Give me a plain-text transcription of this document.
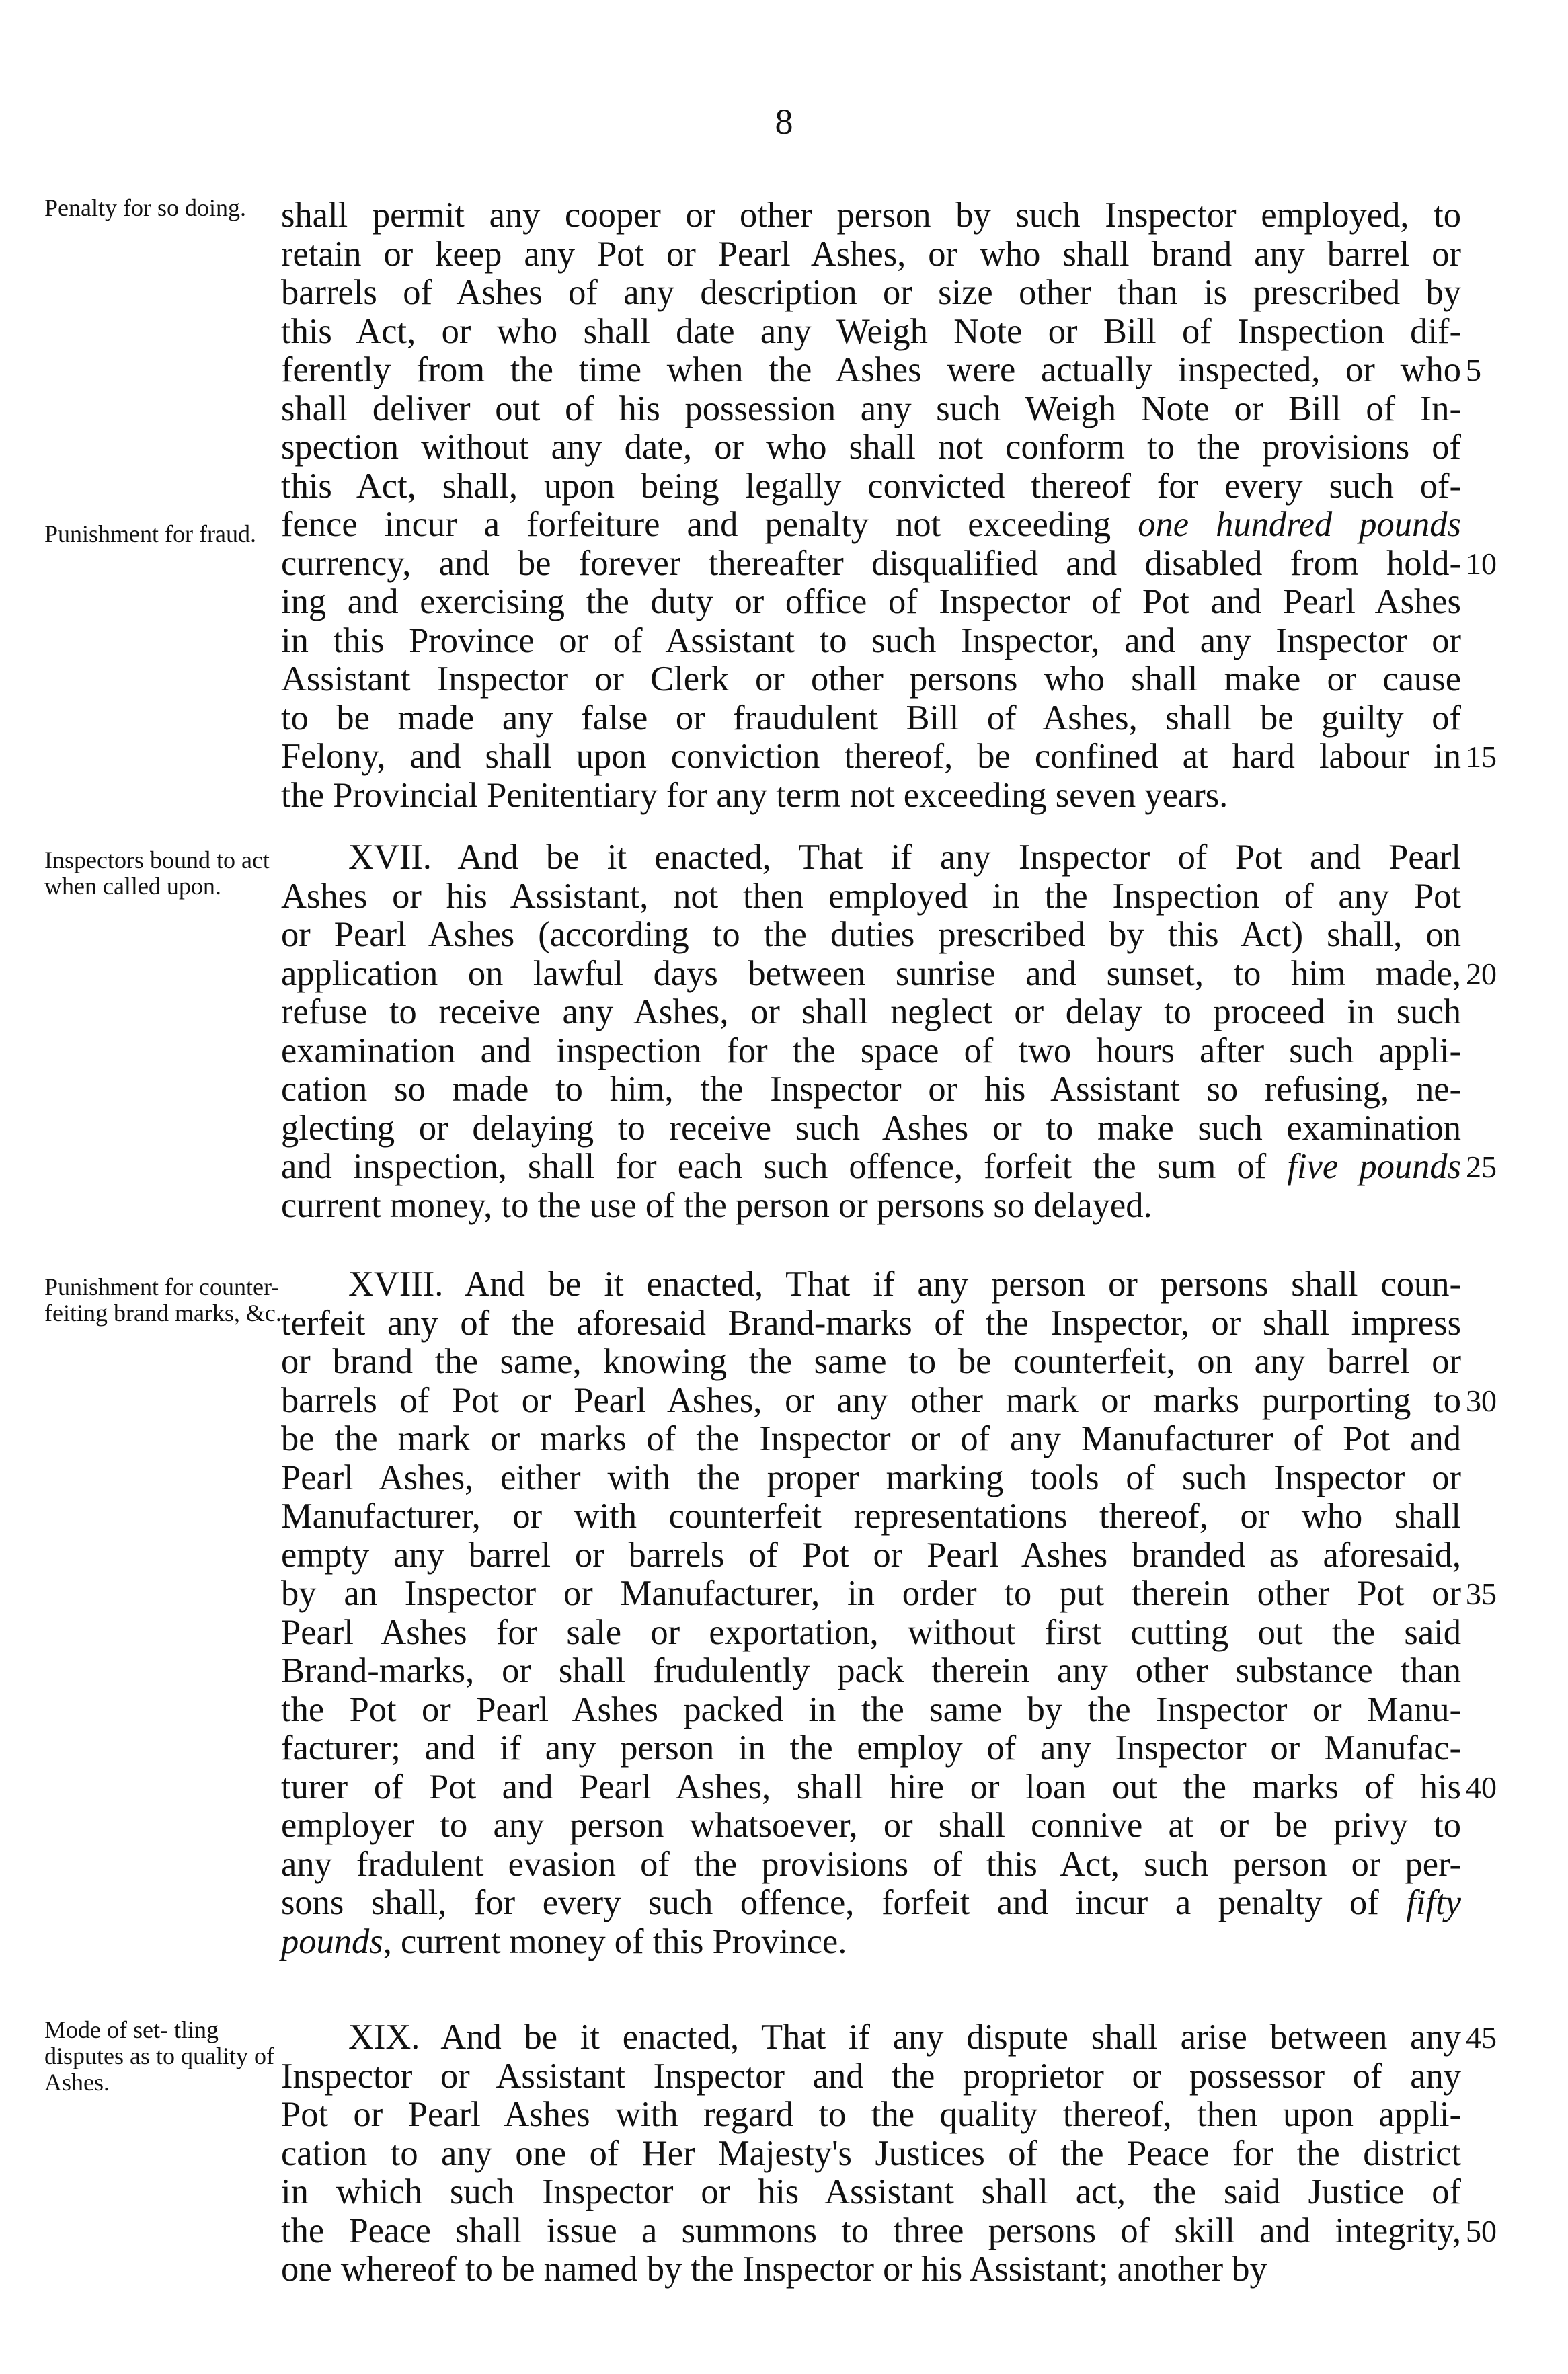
8
Penalty for so doing.
Punishment for fraud.
shall permit any cooper or other person by such Inspector employed, to
retain or keep any Pot or Pearl Ashes, or who shall brand any barrel or
barrels of Ashes of any description or size other than is prescribed by
this Act, or who shall date any Weigh Note or Bill of Inspection dif-
ferently from the time when the Ashes were actually inspected, or who 5
shall deliver out of his possession any such Weigh Note or Bill of In-
spection without any date, or who shall not conform to the provisions of
this Act, shall, upon being legally convicted thereof for every such of-
fence incur a forfeiture and penalty not exceeding one hundred pounds
currency, and be forever thereafter disqualified and disabled from hold- 10
ing and exercising the duty or office of Inspector of Pot and Pearl Ashes
in this Province or of Assistant to such Inspector, and any Inspector or
Assistant Inspector or Clerk or other persons who shall make or cause
to be made any false or fraudulent Bill of Ashes, shall be guilty of
Felony, and shall upon conviction thereof, be confined at hard labour in 15
the Provincial Penitentiary for any term not exceeding seven years.
Inspectors bound to act when called upon.
XVII. And be it enacted, That if any Inspector of Pot and Pearl
Ashes or his Assistant, not then employed in the Inspection of any Pot
or Pearl Ashes (according to the duties prescribed by this Act) shall, on
application on lawful days between sunrise and sunset, to him made, 20
refuse to receive any Ashes, or shall neglect or delay to proceed in such
examination and inspection for the space of two hours after such appli-
cation so made to him, the Inspector or his Assistant so refusing, ne-
glecting or delaying to receive such Ashes or to make such examination
and inspection, shall for each such offence, forfeit the sum of five pounds 25
current money, to the use of the person or persons so delayed.
Punishment for counter- feiting brand marks, &c.
XVIII. And be it enacted, That if any person or persons shall coun-
terfeit any of the aforesaid Brand-marks of the Inspector, or shall impress
or brand the same, knowing the same to be counterfeit, on any barrel or
barrels of Pot or Pearl Ashes, or any other mark or marks purporting to 30
be the mark or marks of the Inspector or of any Manufacturer of Pot and
Pearl Ashes, either with the proper marking tools of such Inspector or
Manufacturer, or with counterfeit representations thereof, or who shall
empty any barrel or barrels of Pot or Pearl Ashes branded as aforesaid,
by an Inspector or Manufacturer, in order to put therein other Pot or 35
Pearl Ashes for sale or exportation, without first cutting out the said
Brand-marks, or shall frudulently pack therein any other substance than
the Pot or Pearl Ashes packed in the same by the Inspector or Manu-
facturer; and if any person in the employ of any Inspector or Manufac-
turer of Pot and Pearl Ashes, shall hire or loan out the marks of his 40
employer to any person whatsoever, or shall connive at or be privy to
any fradulent evasion of the provisions of this Act, such person or per-
sons shall, for every such offence, forfeit and incur a penalty of fifty
pounds, current money of this Province.
Mode of set- tling disputes as to quality of Ashes.
XIX. And be it enacted, That if any dispute shall arise between any 45
Inspector or Assistant Inspector and the proprietor or possessor of any
Pot or Pearl Ashes with regard to the quality thereof, then upon appli-
cation to any one of Her Majesty's Justices of the Peace for the district
in which such Inspector or his Assistant shall act, the said Justice of
the Peace shall issue a summons to three persons of skill and integrity, 50
one whereof to be named by the Inspector or his Assistant; another by
